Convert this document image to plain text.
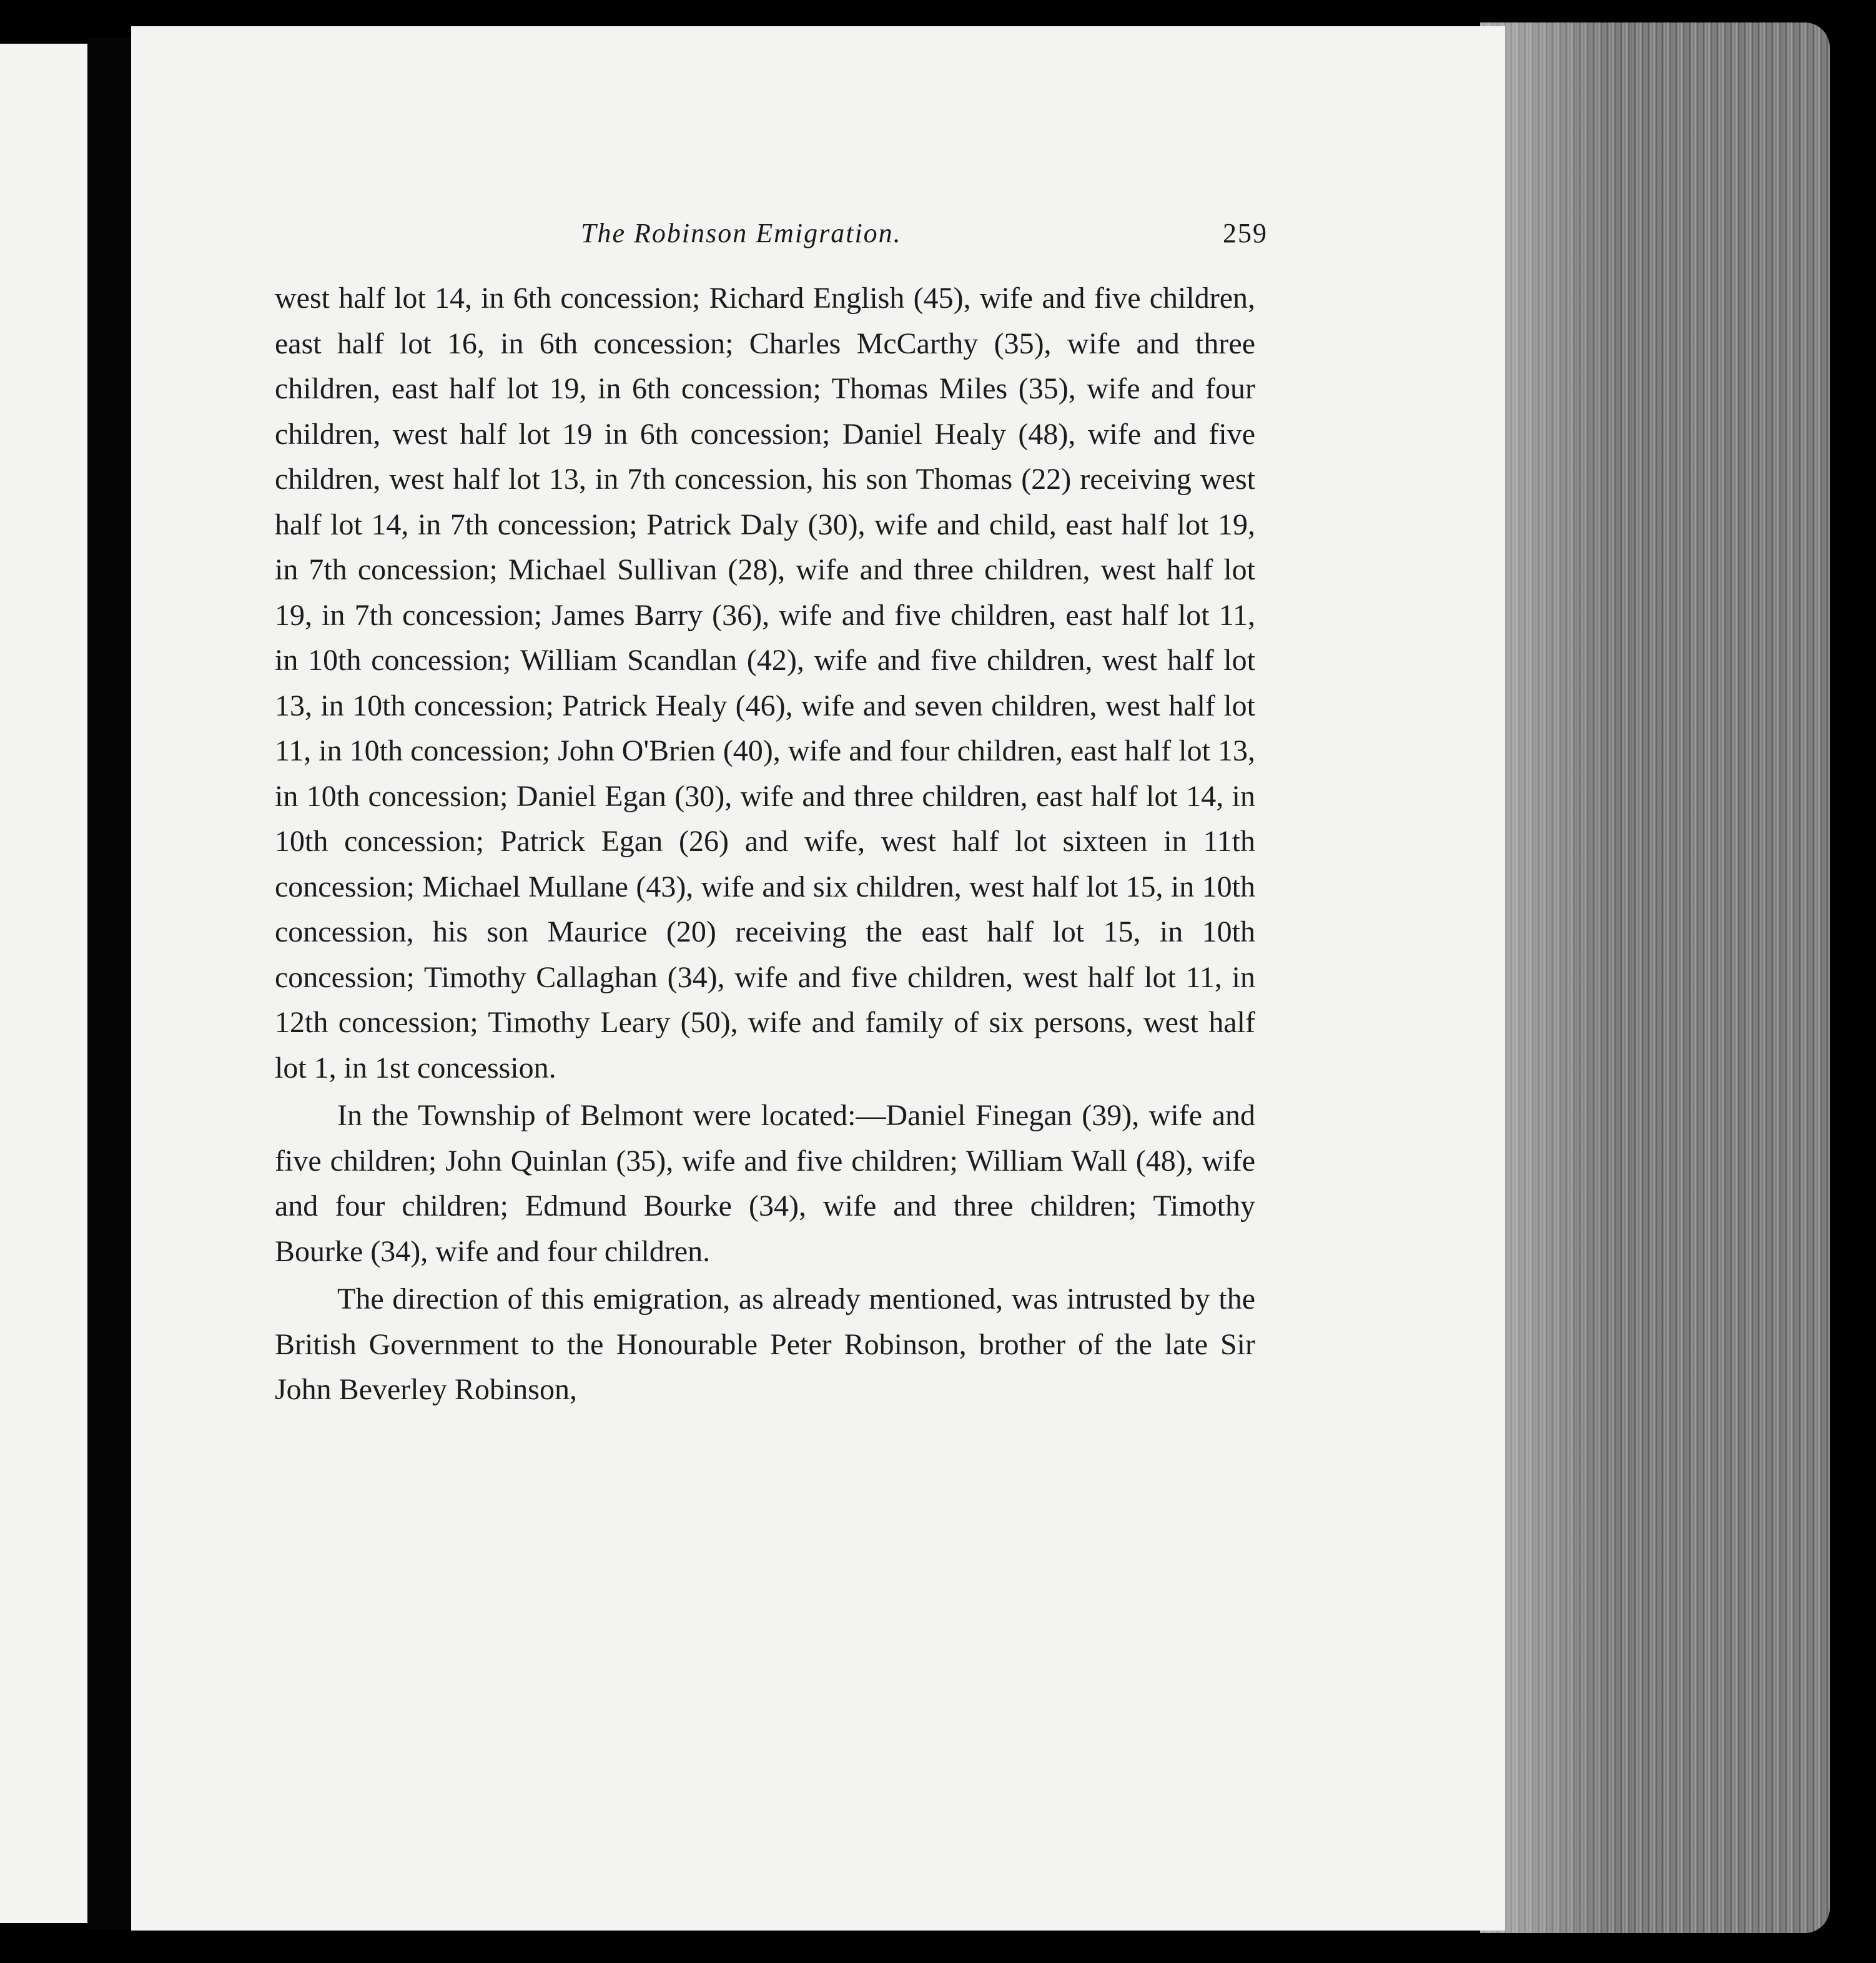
The Robinson Emigration.	259

west half lot 14, in 6th concession; Richard English (45), wife and five children, east half lot 16, in 6th concession; Charles McCarthy (35), wife and three children, east half lot 19, in 6th concession; Thomas Miles (35), wife and four children, west half lot 19 in 6th concession; Daniel Healy (48), wife and five children, west half lot 13, in 7th concession, his son Thomas (22) receiving west half lot 14, in 7th concession; Patrick Daly (30), wife and child, east half lot 19, in 7th concession; Michael Sullivan (28), wife and three children, west half lot 19, in 7th concession; James Barry (36), wife and five children, east half lot 11, in 10th concession; William Scandlan (42), wife and five children, west half lot 13, in 10th concession; Patrick Healy (46), wife and seven children, west half lot 11, in 10th concession; John O'Brien (40), wife and four children, east half lot 13, in 10th concession; Daniel Egan (30), wife and three children, east half lot 14, in 10th concession; Patrick Egan (26) and wife, west half lot sixteen in 11th concession; Michael Mullane (43), wife and six children, west half lot 15, in 10th concession, his son Maurice (20) receiving the east half lot 15, in 10th concession; Timothy Callaghan (34), wife and five children, west half lot 11, in 12th concession; Timothy Leary (50), wife and family of six persons, west half lot 1, in 1st concession.

In the Township of Belmont were located:—Daniel Finegan (39), wife and five children; John Quinlan (35), wife and five children; William Wall (48), wife and four children; Edmund Bourke (34), wife and three children; Timothy Bourke (34), wife and four children.

The direction of this emigration, as already mentioned, was intrusted by the British Government to the Honourable Peter Robinson, brother of the late Sir John Beverley Robinson,
